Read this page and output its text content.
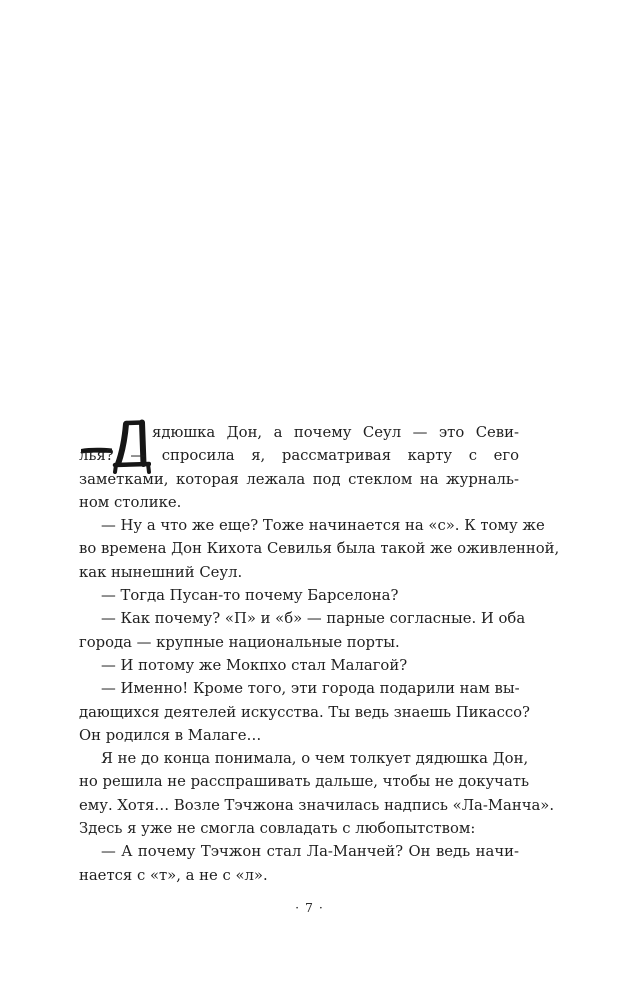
Д
ядюшка Дон, а почему Сеул — это Севи-
лья? — спросила я, рассматривая карту с его
заметками, которая лежала под стеклом на журналь-
ном столике.
— Ну а что же еще? Тоже начинается на «с». К тому же
во времена Дон Кихота Севилья была такой же оживленной,
как нынешний Сеул.
— Тогда Пусан-то почему Барселона?
— Как почему? «П» и «б» — парные согласные. И оба
города — крупные национальные порты.
— И потому же Мокпхо стал Малагой?
— Именно! Кроме того, эти города подарили нам вы-
дающихся деятелей искусства. Ты ведь знаешь Пикассо?
Он родился в Малаге…
Я не до конца понимала, о чем толкует дядюшка Дон,
но решила не расспрашивать дальше, чтобы не докучать
ему. Хотя… Возле Тэчжона значилась надпись «Ла-Манча».
Здесь я уже не смогла совладать с любопытством:
— А почему Тэчжон стал Ла-Манчей? Он ведь начи-
нается с «т», а не с «л».
· 7 ·
